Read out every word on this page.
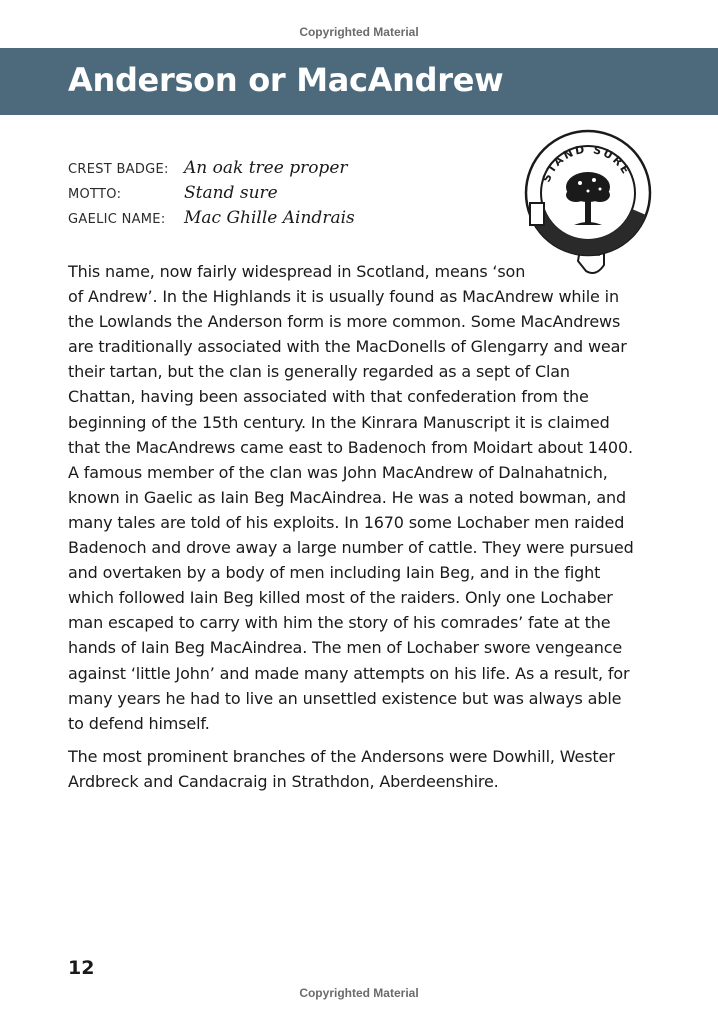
Copyrighted Material
Anderson or MacAndrew
STAND SURE
CREST BADGE: An oak tree proper
MOTTO:	Stand sure
GAELIC NAME:	Mac Ghille Aindrais

This name, now fairly widespread in Scotland, means ‘son of Andrew’. In the Highlands it is usually found as MacAndrew while in the Lowlands the Anderson form is more common. Some MacAndrews are traditionally associated with the MacDonells of Glengarry and wear their tartan, but the clan is generally regarded as a sept of Clan Chattan, having been associated with that confederation from the beginning of the 15th century. In the Kinrara Manuscript it is claimed that the MacAndrews came east to Badenoch from Moidart about 1400. A famous member of the clan was John MacAndrew of Dalnahatnich, known in Gaelic as Iain Beg MacAindrea. He was a noted bowman, and many tales are told of his exploits. In 1670 some Lochaber men raided Badenoch and drove away a large number of cattle. They were pursued and overtaken by a body of men including Iain Beg, and in the fight which followed Iain Beg killed most of the raiders. Only one Lochaber man escaped to carry with him the story of his comrades’ fate at the hands of Iain Beg MacAindrea. The men of Lochaber swore vengeance against ‘little John’ and made many attempts on his life. As a result, for many years he had to live an unsettled existence but was always able to defend himself.

The most prominent branches of the Andersons were Dowhill, Wester Ardbreck and Candacraig in Strathdon, Aberdeenshire.

12
Copyrighted Material
